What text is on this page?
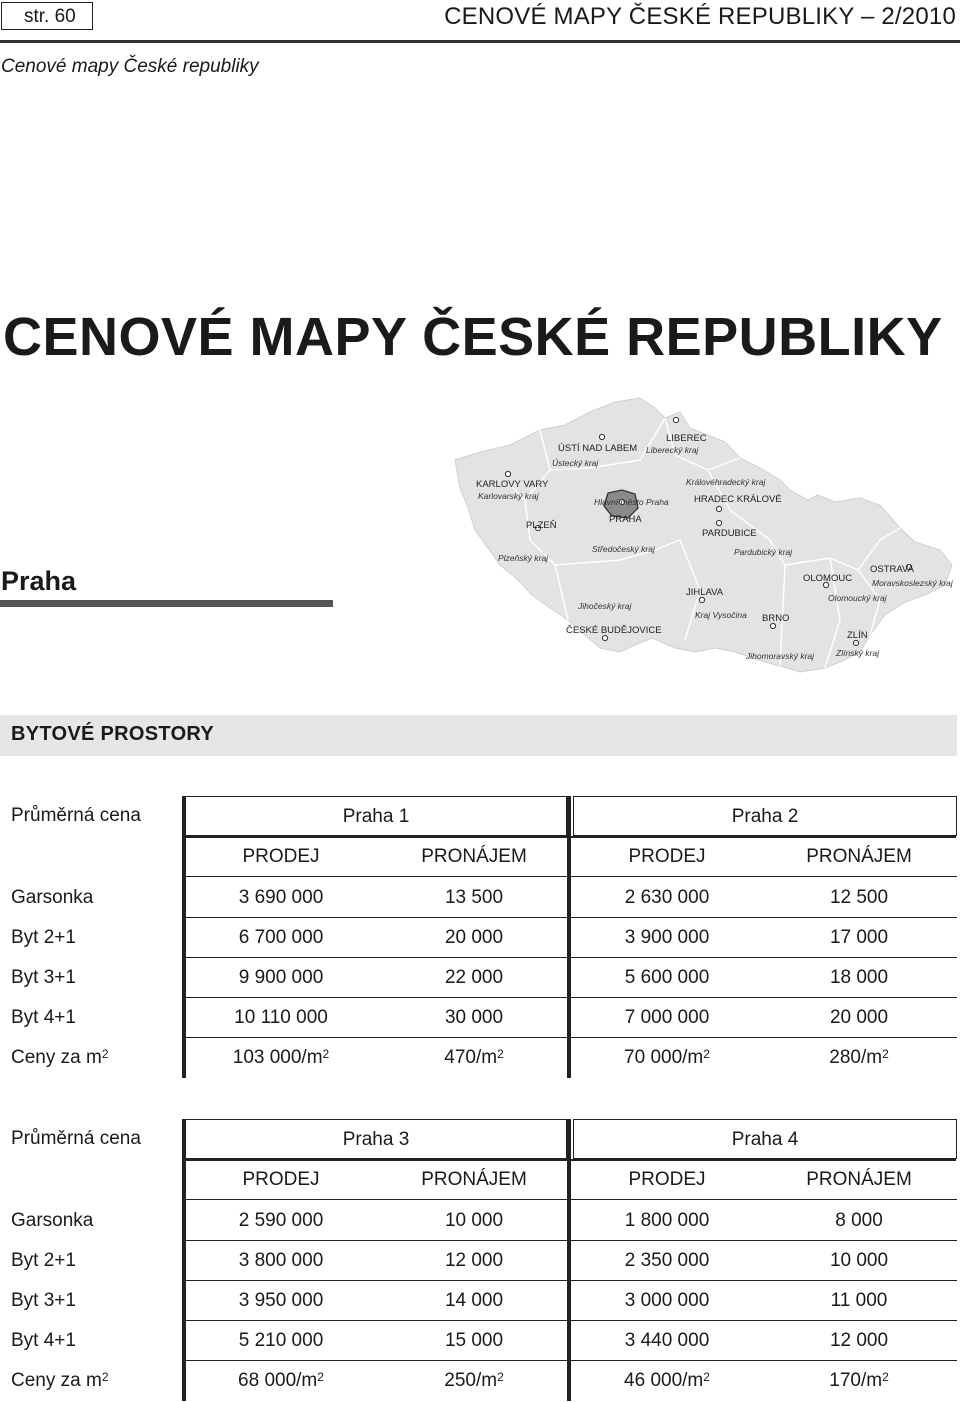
str. 60	CENOVÉ MAPY ČESKÉ REPUBLIKY – 2/2010
Cenové mapy České republiky
CENOVÉ MAPY ČESKÉ REPUBLIKY
ÚSTÍ NAD LABEM
LIBEREC
KARLOVY VARY
HRADEC KRÁLOVÉ
PRAHA
PLZEŇ
PARDUBICE
OSTRAVA
OLOMOUC
JIHLAVA
BRNO
ČESKÉ BUDĚJOVICE	ZLÍN
Ústecký kraj
Liberecký kraj
Karlovarský kraj
Královéhradecký kraj
Hlavní město Praha
Plzeňský kraj
Středočeský kraj	Pardubický kraj
Moravskoslezský kraj
Olomoucký kraj
Jihočeský kraj
Kraj Vysočina
Jihomoravský kraj	Zlínský kraj
Praha
BYTOVÉ PROSTORY
Průměrná cena	Praha 1	Praha 2
PRODEJ	PRONÁJEM	PRODEJ	PRONÁJEM
Garsonka	3 690 000	13 500	2 630 000	12 500
Byt 2+1	6 700 000	20 000	3 900 000	17 000
Byt 3+1	9 900 000	22 000	5 600 000	18 000
Byt 4+1	10 110 000	30 000	7 000 000	20 000
Ceny za $m^2$	103 $000/m^2$	$470/m^2$	70 $000/m^2$	$280/m^2$
Průměrná cena	Praha 3	Praha 4
PRODEJ	PRONÁJEM	PRODEJ	PRONÁJEM
Garsonka	2 590 000	10 000	1 800 000	8 000
Byt 2+1	3 800 000	12 000	2 350 000	10 000
Byt 3+1	3 950 000	14 000	3 000 000	11 000
Byt 4+1	5 210 000	15 000	3 440 000	12 000
Ceny za $m^2$	68 $000/m^2$	$250/m^2$	46 $000/m^2$	$170/m^2$
